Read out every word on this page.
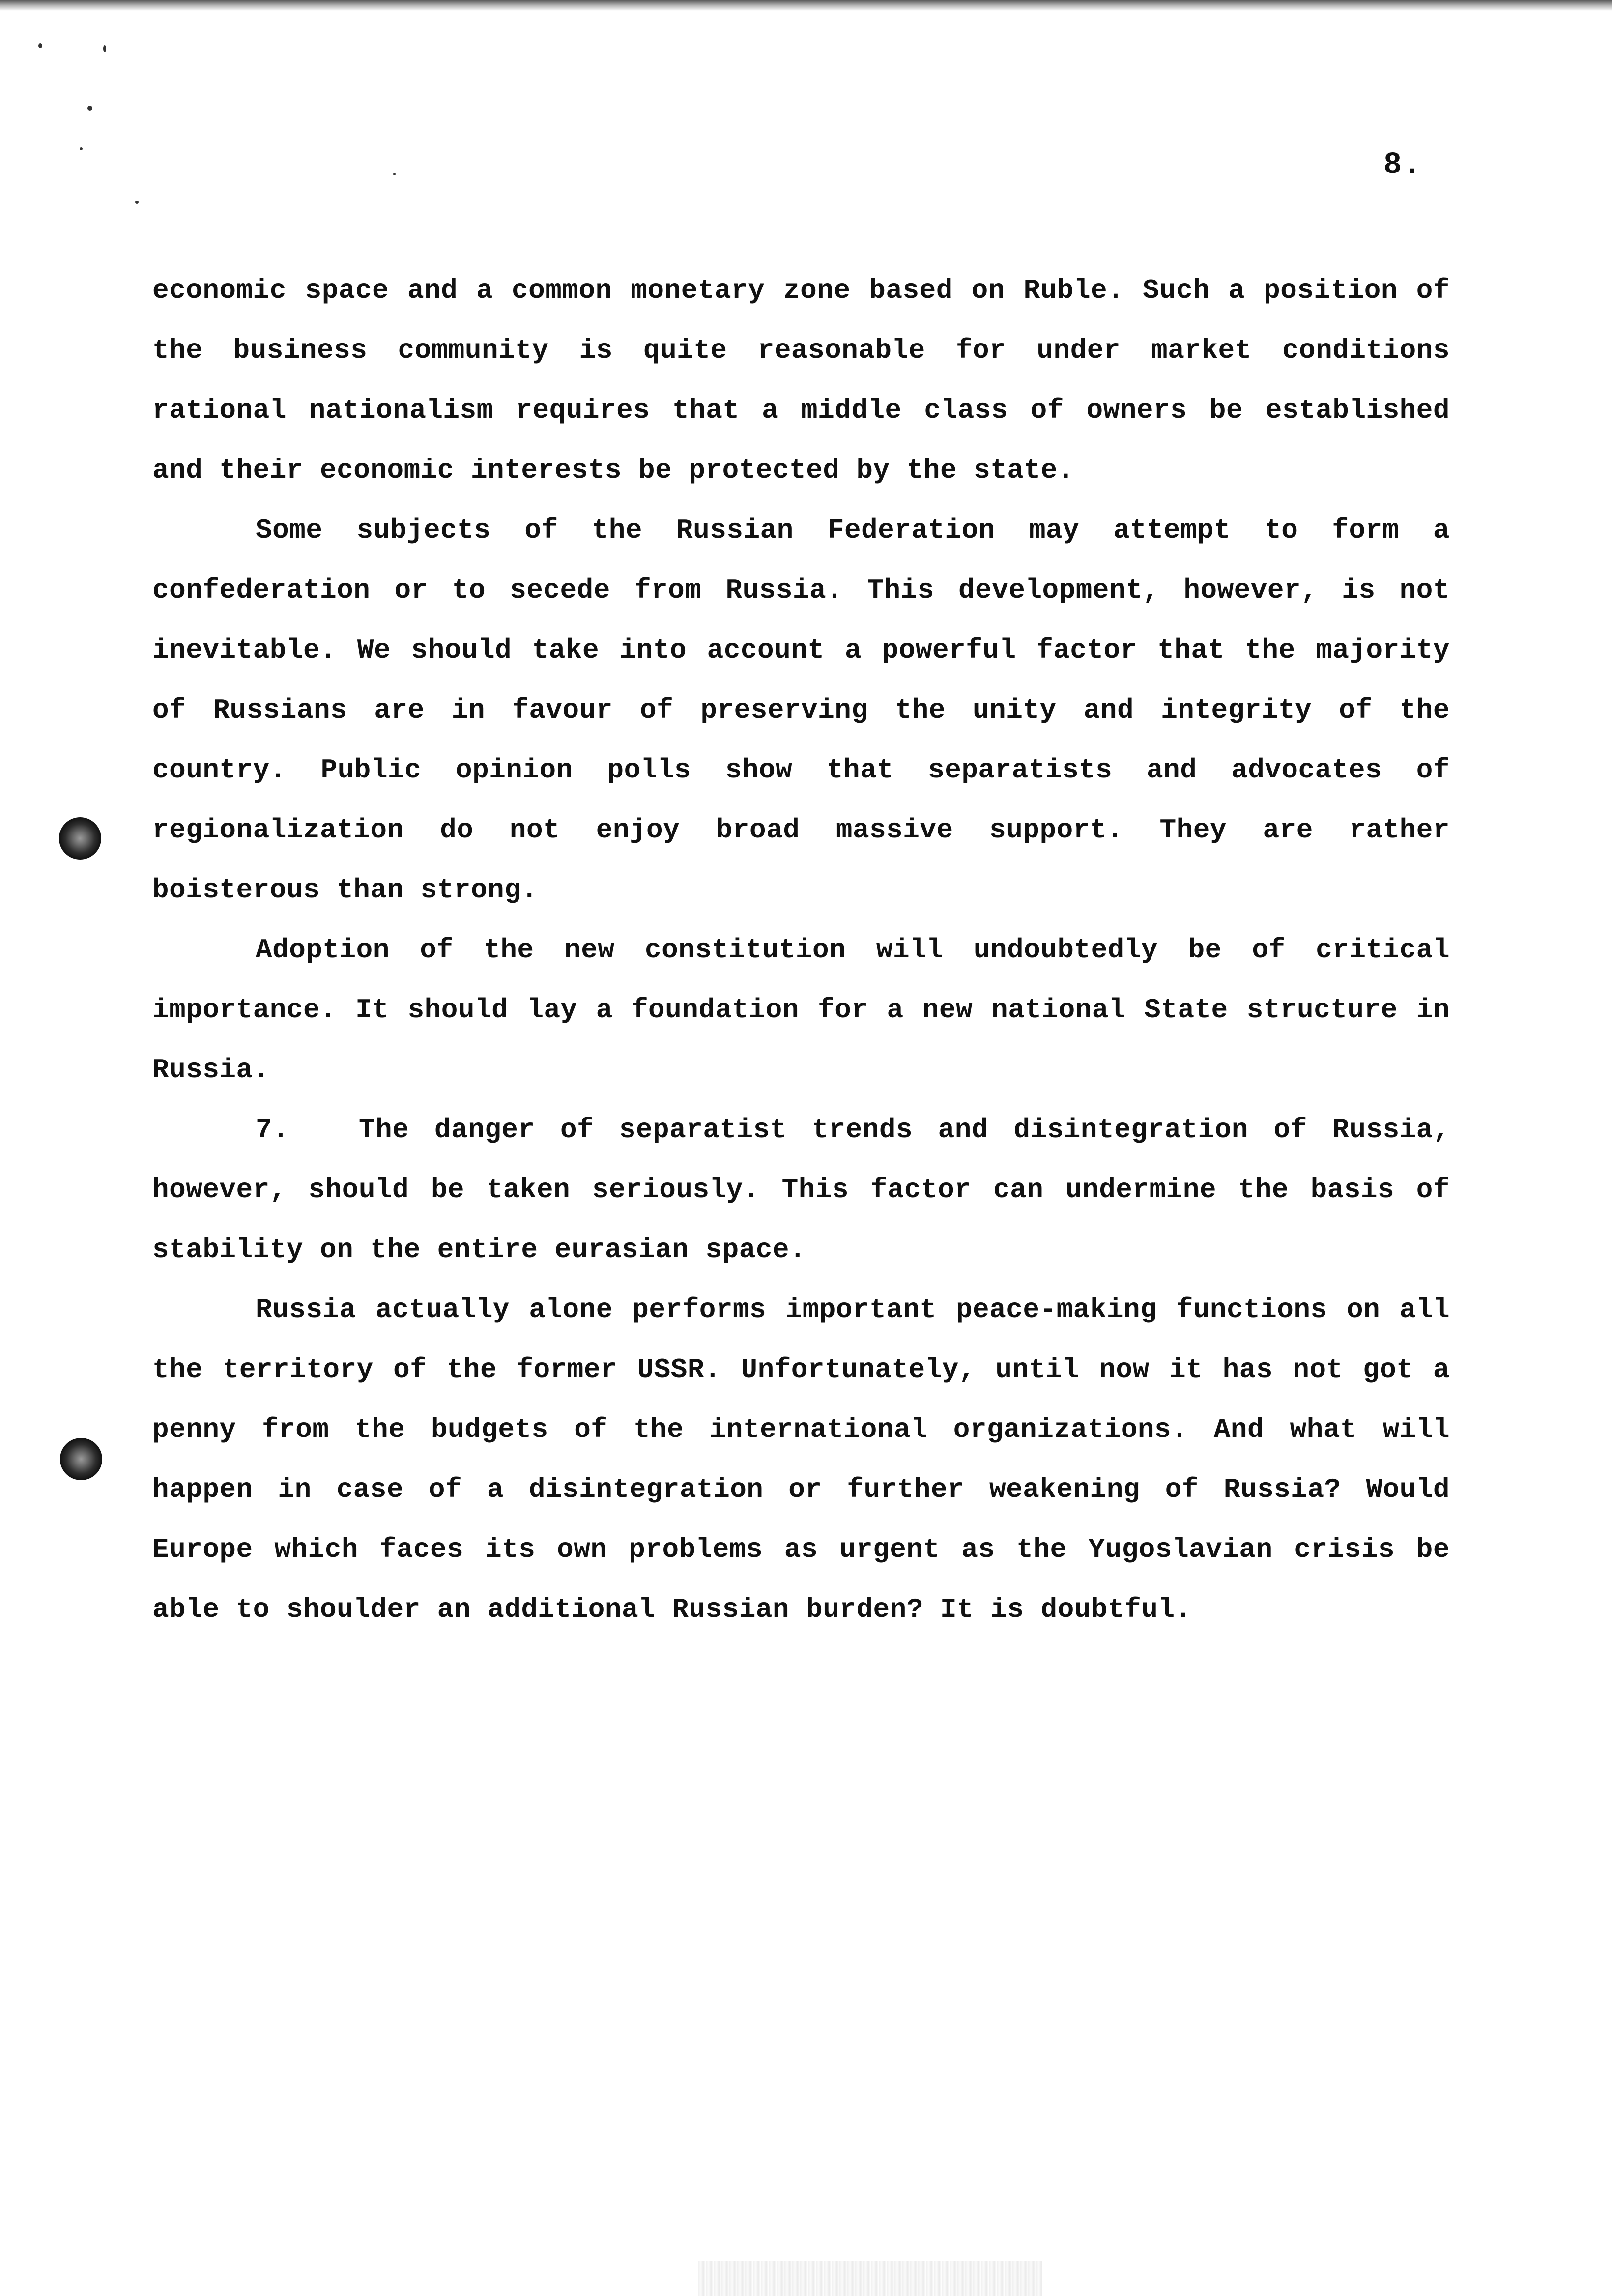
8.

economic space and a common monetary zone based on Ruble. Such a position of the business community is quite reasonable for under market conditions rational nationalism requires that a middle class of owners be established and their economic interests be protected by the state.

Some subjects of the Russian Federation may attempt to form a confederation or to secede from Russia. This development, however, is not inevitable. We should take into account a powerful factor that the majority of Russians are in favour of preserving the unity and integrity of the country. Public opinion polls show that separatists and advocates of regionalization do not enjoy broad massive support. They are rather boisterous than strong.

Adoption of the new constitution will undoubtedly be of critical importance. It should lay a foundation for a new national State structure in Russia.

7.	The danger of separatist trends and disintegration of Russia, however, should be taken seriously. This factor can undermine the basis of stability on the entire eurasian space.

Russia actually alone performs important peace-making functions on all the territory of the former USSR. Unfortunately, until now it has not got a penny from the budgets of the international organizations. And what will happen in case of a disintegration or further weakening of Russia? Would Europe which faces its own problems as urgent as the Yugoslavian crisis be able to shoulder an additional Russian burden? It is doubtful.
